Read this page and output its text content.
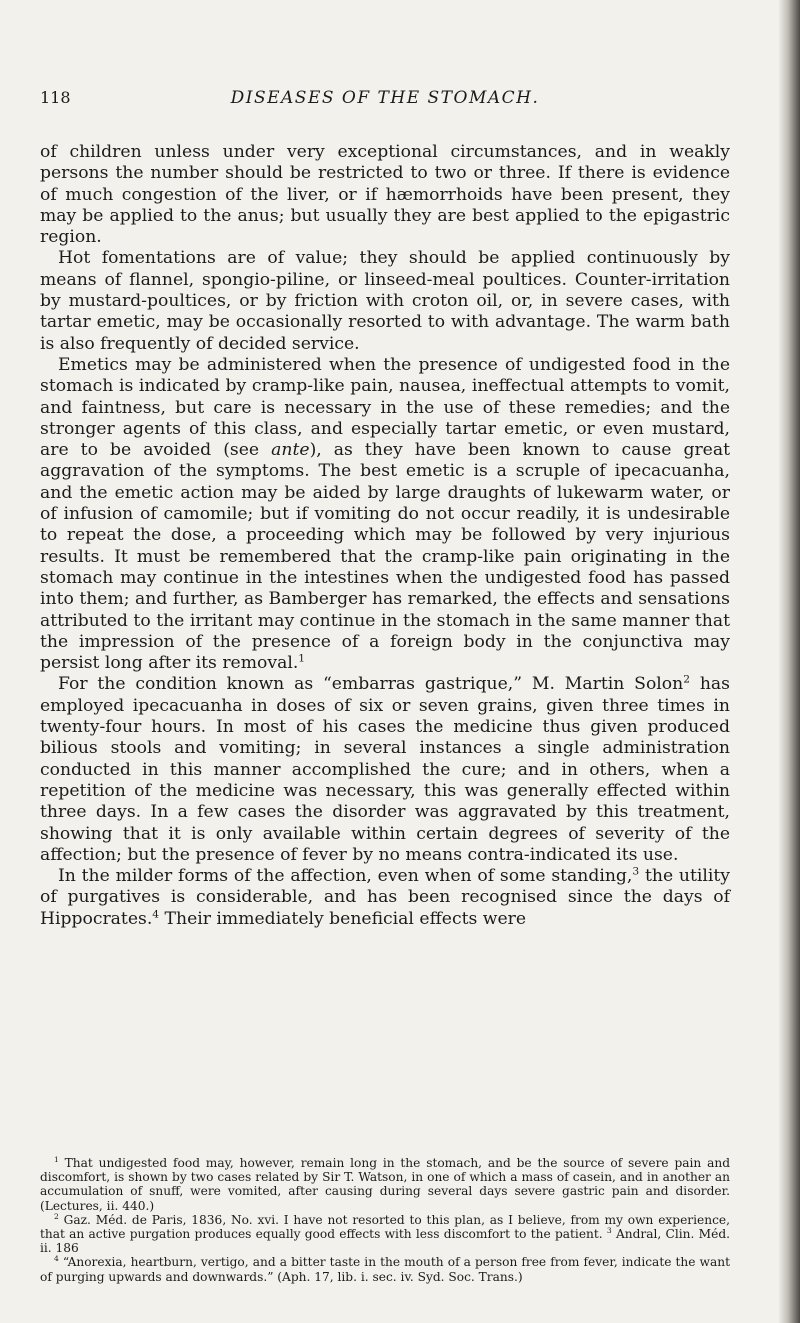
118	DISEASES OF THE STOMACH.

of children unless under very exceptional circumstances, and in weakly persons the number should be restricted to two or three. If there is evidence of much congestion of the liver, or if hæmorrhoids have been present, they may be applied to the anus; but usually they are best applied to the epigastric region.

Hot fomentations are of value; they should be applied continuously by means of flannel, spongio-piline, or linseed-meal poultices. Counter-irritation by mustard-poultices, or by friction with croton oil, or, in severe cases, with tartar emetic, may be occasionally resorted to with advantage. The warm bath is also frequently of decided service.

Emetics may be administered when the presence of undigested food in the stomach is indicated by cramp-like pain, nausea, ineffectual attempts to vomit, and faintness, but care is necessary in the use of these remedies; and the stronger agents of this class, and especially tartar emetic, or even mustard, are to be avoided (see ante), as they have been known to cause great aggravation of the symptoms. The best emetic is a scruple of ipecacuanha, and the emetic action may be aided by large draughts of lukewarm water, or of infusion of camomile; but if vomiting do not occur readily, it is undesirable to repeat the dose, a proceeding which may be followed by very injurious results. It must be remembered that the cramp-like pain originating in the stomach may continue in the intestines when the undigested food has passed into them; and further, as Bamberger has remarked, the effects and sensations attributed to the irritant may continue in the stomach in the same manner that the impression of the presence of a foreign body in the conjunctiva may persist long after its removal.$^1$

For the condition known as “embarras gastrique,” M. Martin Solon$^2$ has employed ipecacuanha in doses of six or seven grains, given three times in twenty-four hours. In most of his cases the medicine thus given produced bilious stools and vomiting; in several instances a single administration conducted in this manner accomplished the cure; and in others, when a repetition of the medicine was necessary, this was generally effected within three days. In a few cases the disorder was aggravated by this treatment, showing that it is only available within certain degrees of severity of the affection; but the presence of fever by no means contra-indicated its use.

In the milder forms of the affection, even when of some standing,$^3$ the utility of purgatives is considerable, and has been recognised since the days of Hippocrates.$^4$ Their immediately beneficial effects were

$^1$ That undigested food may, however, remain long in the stomach, and be the source of severe pain and discomfort, is shown by two cases related by Sir T. Watson, in one of which a mass of casein, and in another an accumulation of snuff, were vomited, after causing during several days severe gastric pain and disorder. (Lectures, ii. 440.)

$^2$ Gaz. Méd. de Paris, 1836, No. xvi. I have not resorted to this plan, as I believe, from my own experience, that an active purgation produces equally good effects with less discomfort to the patient. $^3$ Andral, Clin. Méd. ii. 186

$^4$ “Anorexia, heartburn, vertigo, and a bitter taste in the mouth of a person free from fever, indicate the want of purging upwards and downwards.” (Aph. 17, lib. i. sec. iv. Syd. Soc. Trans.)
